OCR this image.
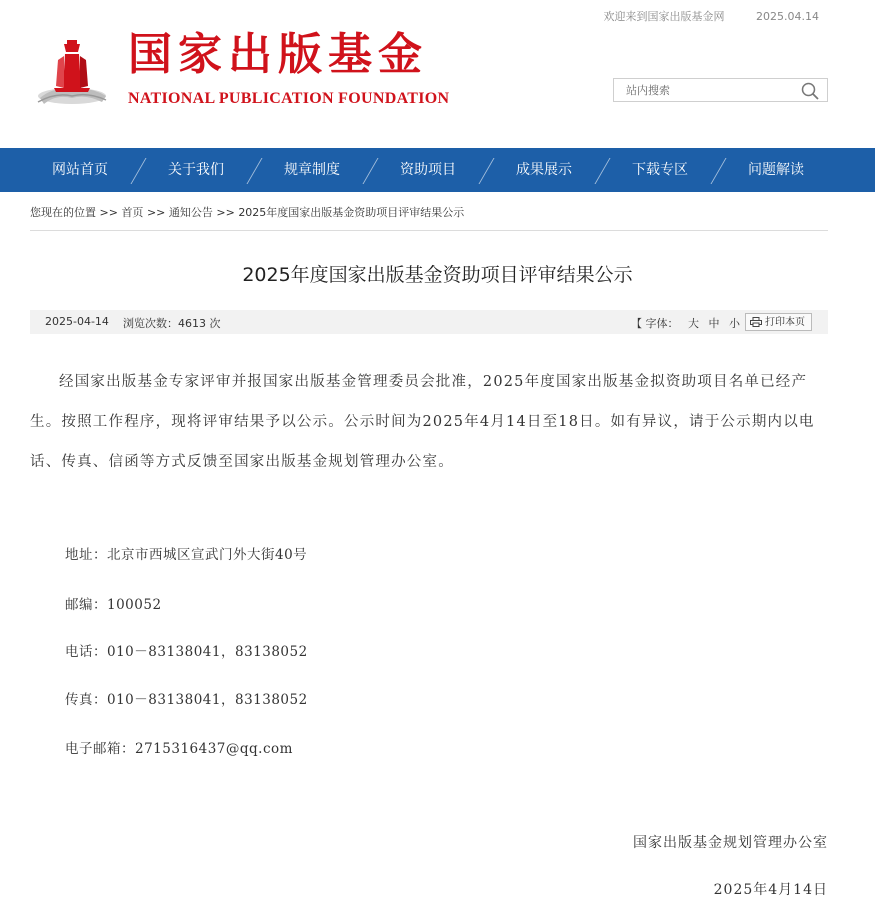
欢迎来到国家出版基金网	2025.04.14
国家出版基金
NATIONAL PUBLICATION FOUNDATION
站内搜索
网站首页	关于我们	规章制度	资助项目	成果展示	下载专区	问题解读
您现在的位置 >> 首页 >> 通知公告 >> 2025年度国家出版基金资助项目评审结果公示
2025年度国家出版基金资助项目评审结果公示
2025-04-14 浏览次数：4613 次	【 字体： 大 中 小	打印本页
经国家出版基金专家评审并报国家出版基金管理委员会批准，2025年度国家出版基金拟资助项目名单已经产生。按照工作程序，现将评审结果予以公示。公示时间为2025年4月14日至18日。如有异议，请于公示期内以电话、传真、信函等方式反馈至国家出版基金规划管理办公室。
地址：北京市西城区宣武门外大街40号
邮编：100052
电话：010－83138041，83138052
传真：010－83138041，83138052
电子邮箱：2715316437@qq.com
国家出版基金规划管理办公室
2025年4月14日
